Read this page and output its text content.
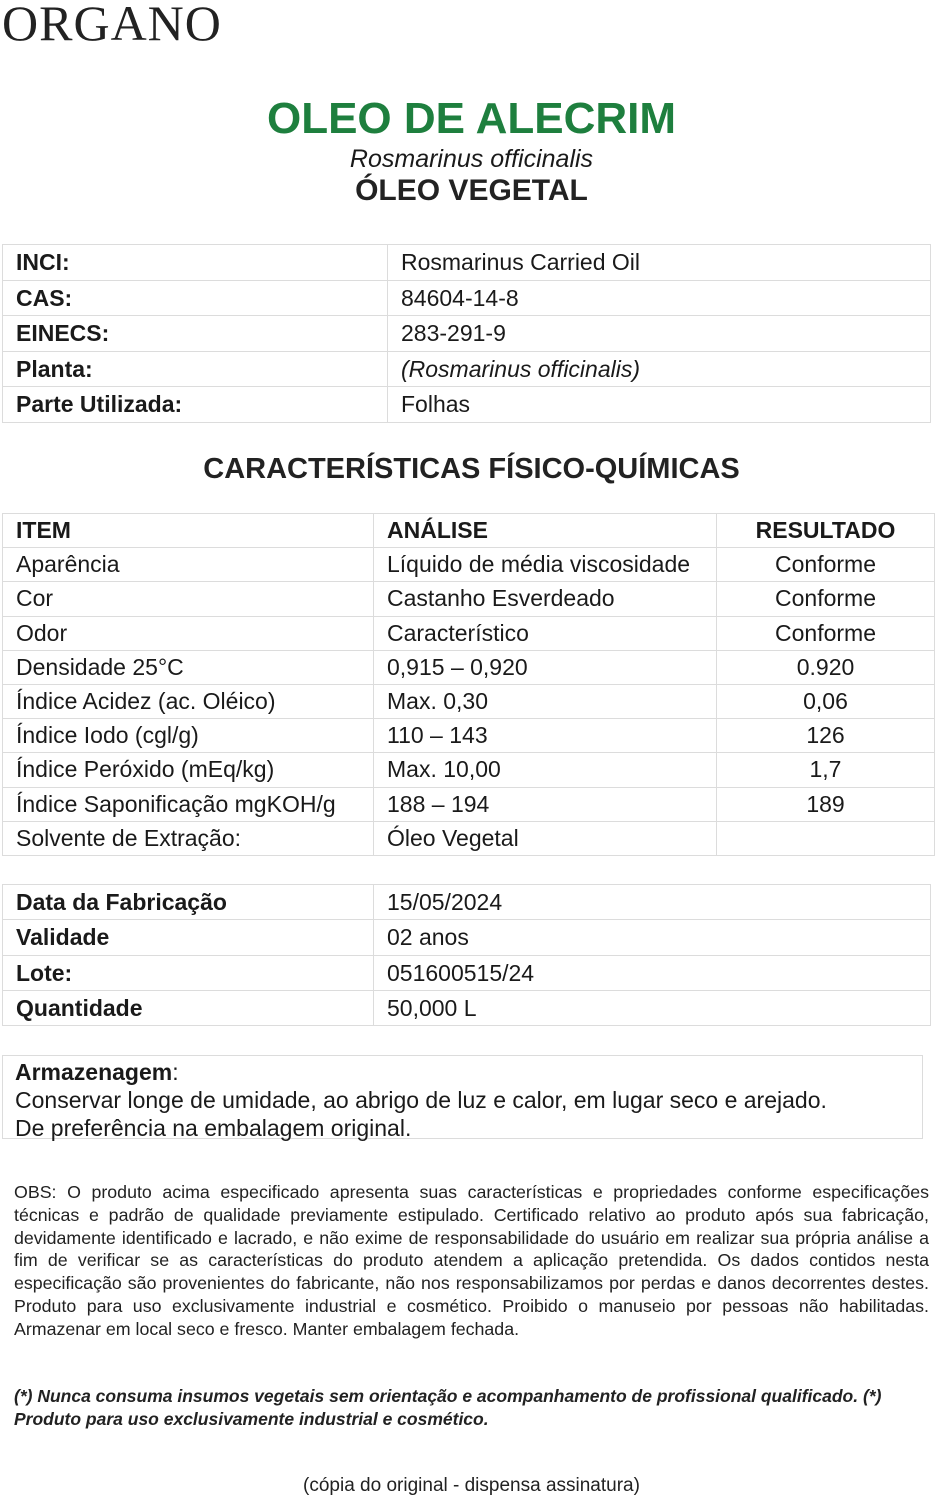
ORGANO
OLEO DE ALECRIM
Rosmarinus officinalis
ÓLEO VEGETAL
INCI:	Rosmarinus Carried Oil
CAS:	84604-14-8
EINECS:	283-291-9
Planta:	(Rosmarinus officinalis)
Parte Utilizada:	Folhas
CARACTERÍSTICAS FÍSICO-QUÍMICAS
ITEM	ANÁLISE	RESULTADO
Aparência	Líquido de média viscosidade	Conforme
Cor	Castanho Esverdeado	Conforme
Odor	Característico	Conforme
Densidade 25°C	0,915 – 0,920	0.920
Índice Acidez (ac. Oléico)	Max. 0,30	0,06
Índice Iodo (cgl/g)	110 – 143	126
Índice Peróxido (mEq/kg)	Max. 10,00	1,7
Índice Saponificação mgKOH/g	188 – 194	189
Solvente de Extração:	Óleo Vegetal	
Data da Fabricação	15/05/2024
Validade	02 anos
Lote:	051600515/24
Quantidade	50,000 L
Armazenagem:
Conservar longe de umidade, ao abrigo de luz e calor, em lugar seco e arejado.
De preferência na embalagem original.
OBS: O produto acima especificado apresenta suas características e propriedades conforme especificações técnicas e padrão de qualidade previamente estipulado. Certificado relativo ao produto após sua fabricação, devidamente identificado e lacrado, e não exime de responsabilidade do usuário em realizar sua própria análise a fim de verificar se as características do produto atendem a aplicação pretendida. Os dados contidos nesta especificação são provenientes do fabricante, não nos responsabilizamos por perdas e danos decorrentes destes. Produto para uso exclusivamente industrial e cosmético. Proibido o manuseio por pessoas não habilitadas. Armazenar em local seco e fresco. Manter embalagem fechada.
(*) Nunca consuma insumos vegetais sem orientação e acompanhamento de profissional qualificado. (*) Produto para uso exclusivamente industrial e cosmético.
(cópia do original - dispensa assinatura)
